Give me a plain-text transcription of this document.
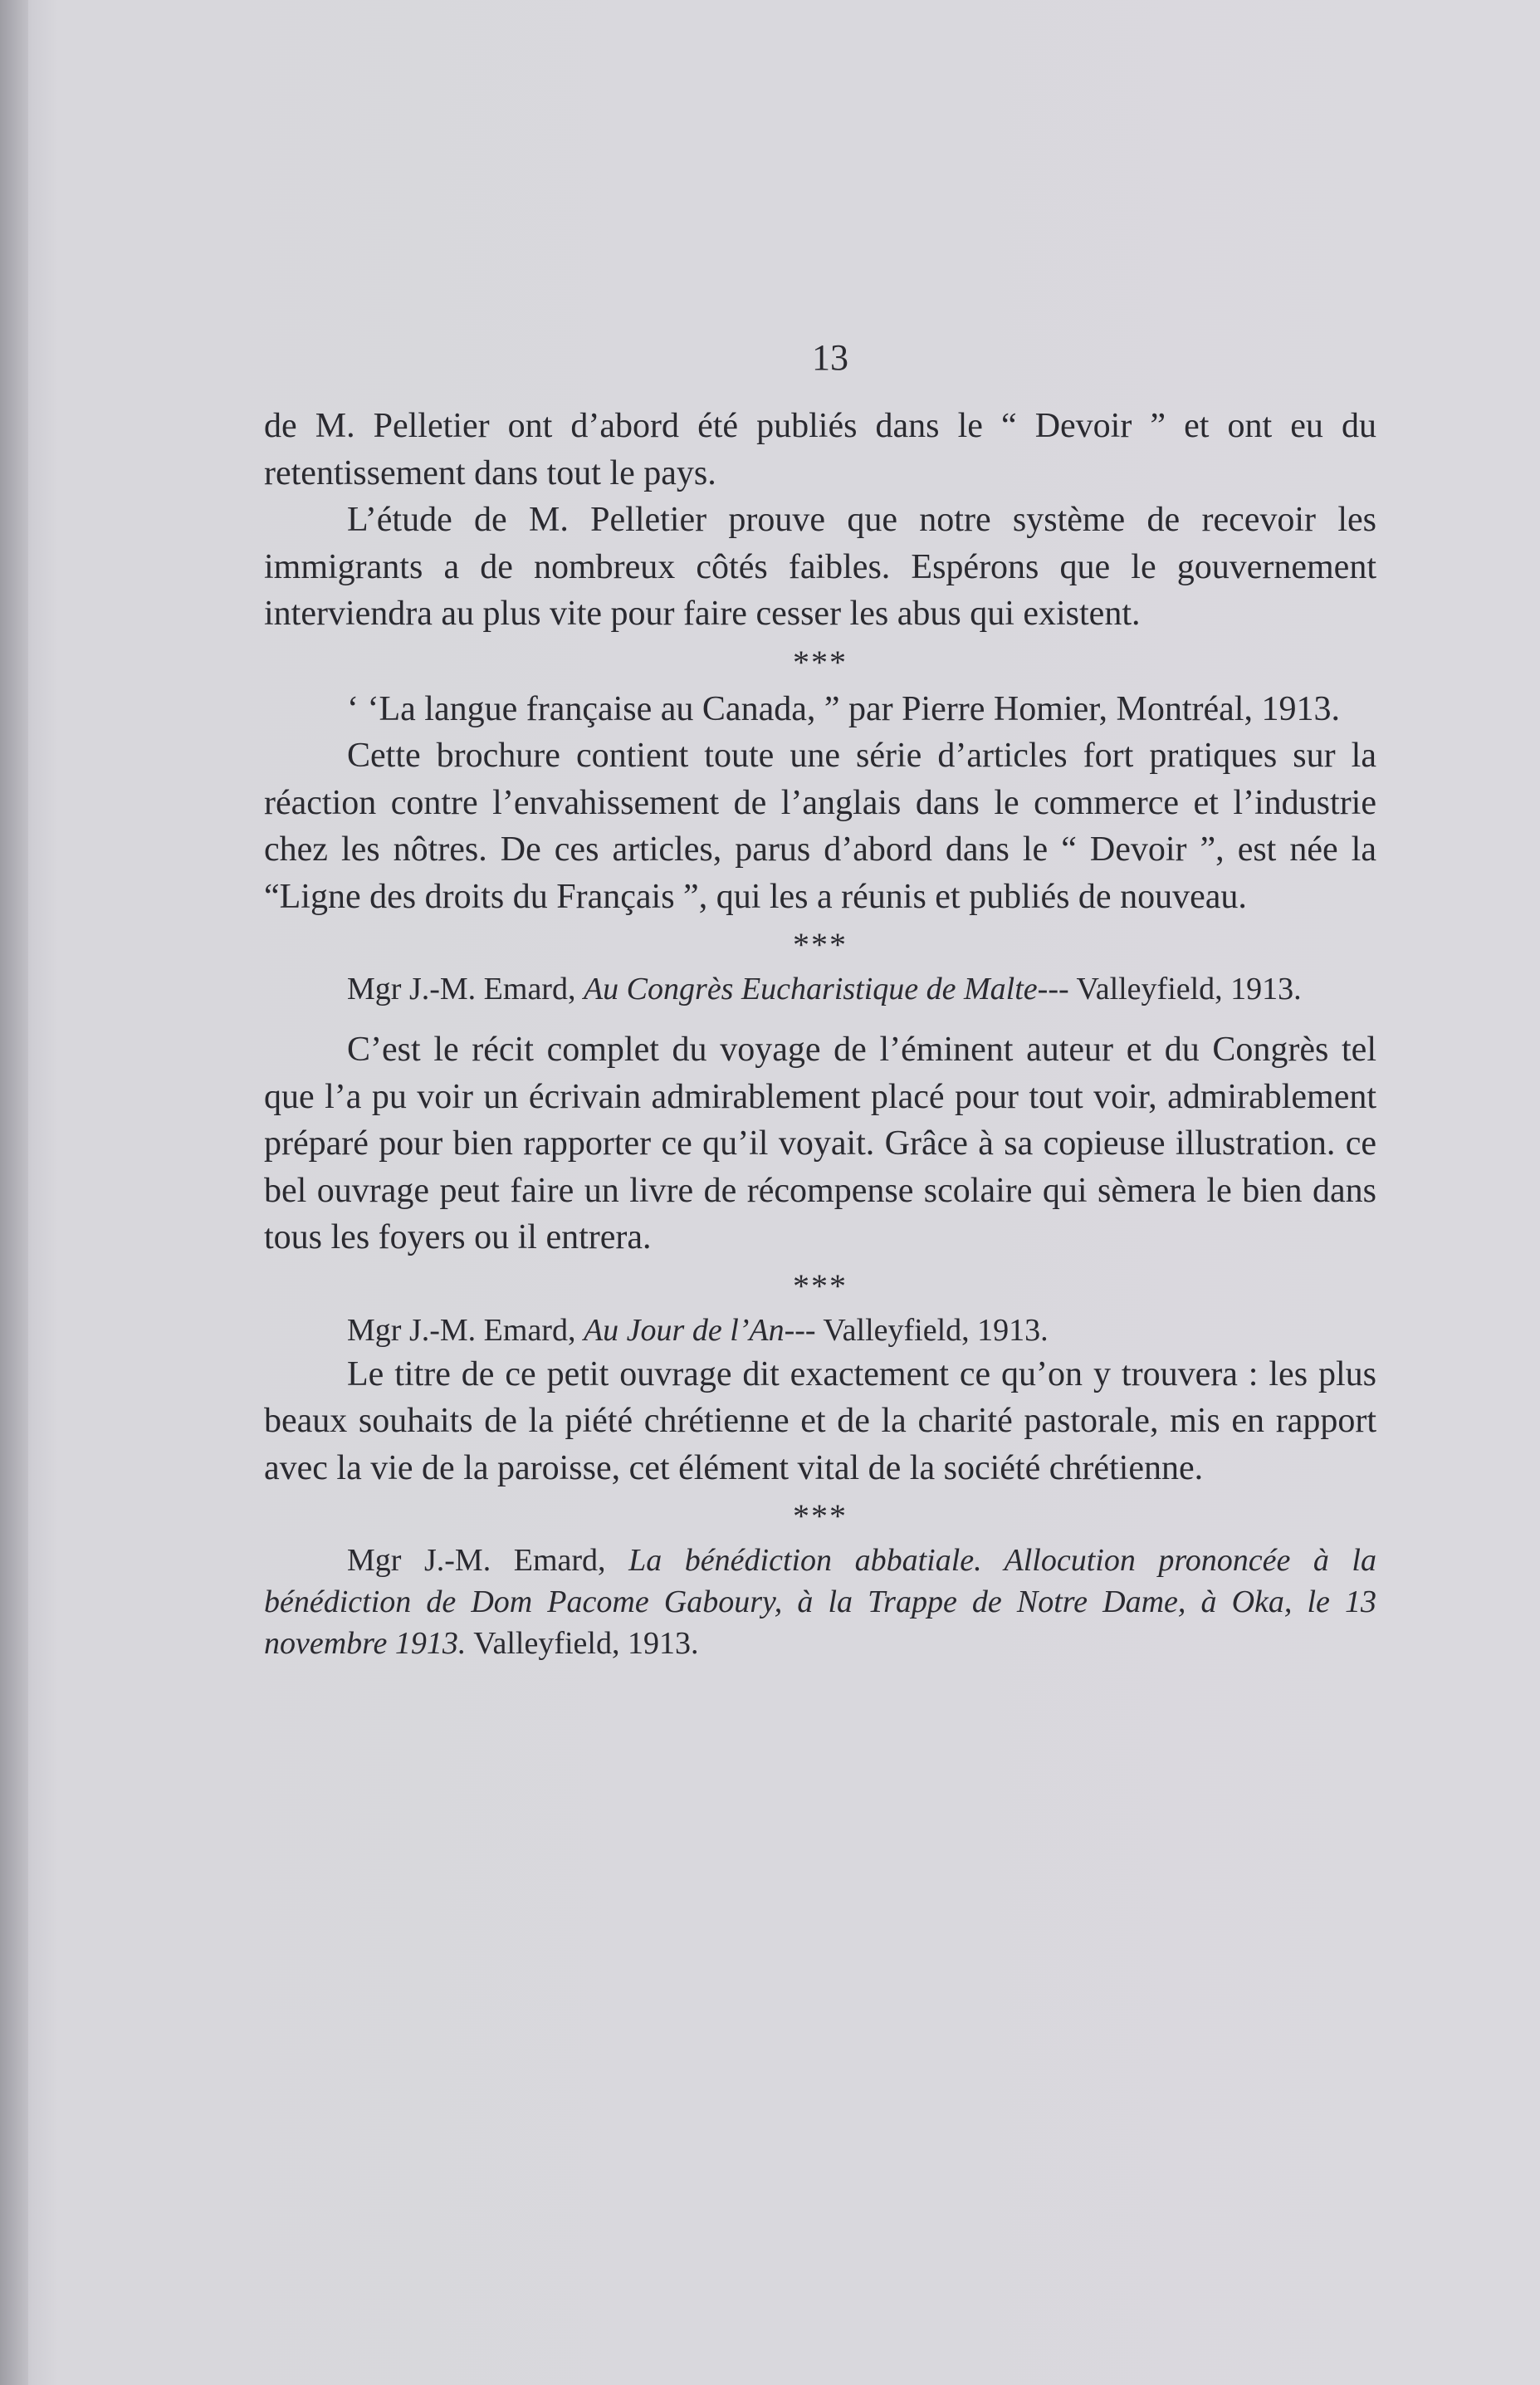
13

de M. Pelletier ont d’abord été publiés dans le “ Devoir ” et ont eu du retentissement dans tout le pays.

L’étude de M. Pelletier prouve que notre système de recevoir les immigrants a de nombreux côtés faibles. Espérons que le gouvernement interviendra au plus vite pour faire cesser les abus qui existent.

***

‘ ‘La langue française au Canada, ” par Pierre Homier, Montréal, 1913.

Cette brochure contient toute une série d’articles fort pratiques sur la réaction contre l’envahissement de l’anglais dans le commerce et l’industrie chez les nôtres. De ces articles, parus d’abord dans le “ Devoir ”, est née la “Ligne des droits du Français ”, qui les a réunis et publiés de nouveau.

***

Mgr J.-M. Emard, Au Congrès Eucharistique de Malte--- Valleyfield, 1913.

C’est le récit complet du voyage de l’éminent auteur et du Congrès tel que l’a pu voir un écrivain admirablement placé pour tout voir, admirablement préparé pour bien rapporter ce qu’il voyait. Grâce à sa copieuse illustration. ce bel ouvrage peut faire un livre de récompense scolaire qui sèmera le bien dans tous les foyers ou il entrera.

***

Mgr J.-M. Emard, Au Jour de l’An--- Valleyfield, 1913.

Le titre de ce petit ouvrage dit exactement ce qu’on y trouvera : les plus beaux souhaits de la piété chrétienne et de la charité pastorale, mis en rapport avec la vie de la paroisse, cet élément vital de la société chrétienne.

***

Mgr J.-M. Emard, La bénédiction abbatiale. Allocution prononcée à la bénédiction de Dom Pacome Gaboury, à la Trappe de Notre Dame, à Oka, le 13 novembre 1913. Valleyfield, 1913.
